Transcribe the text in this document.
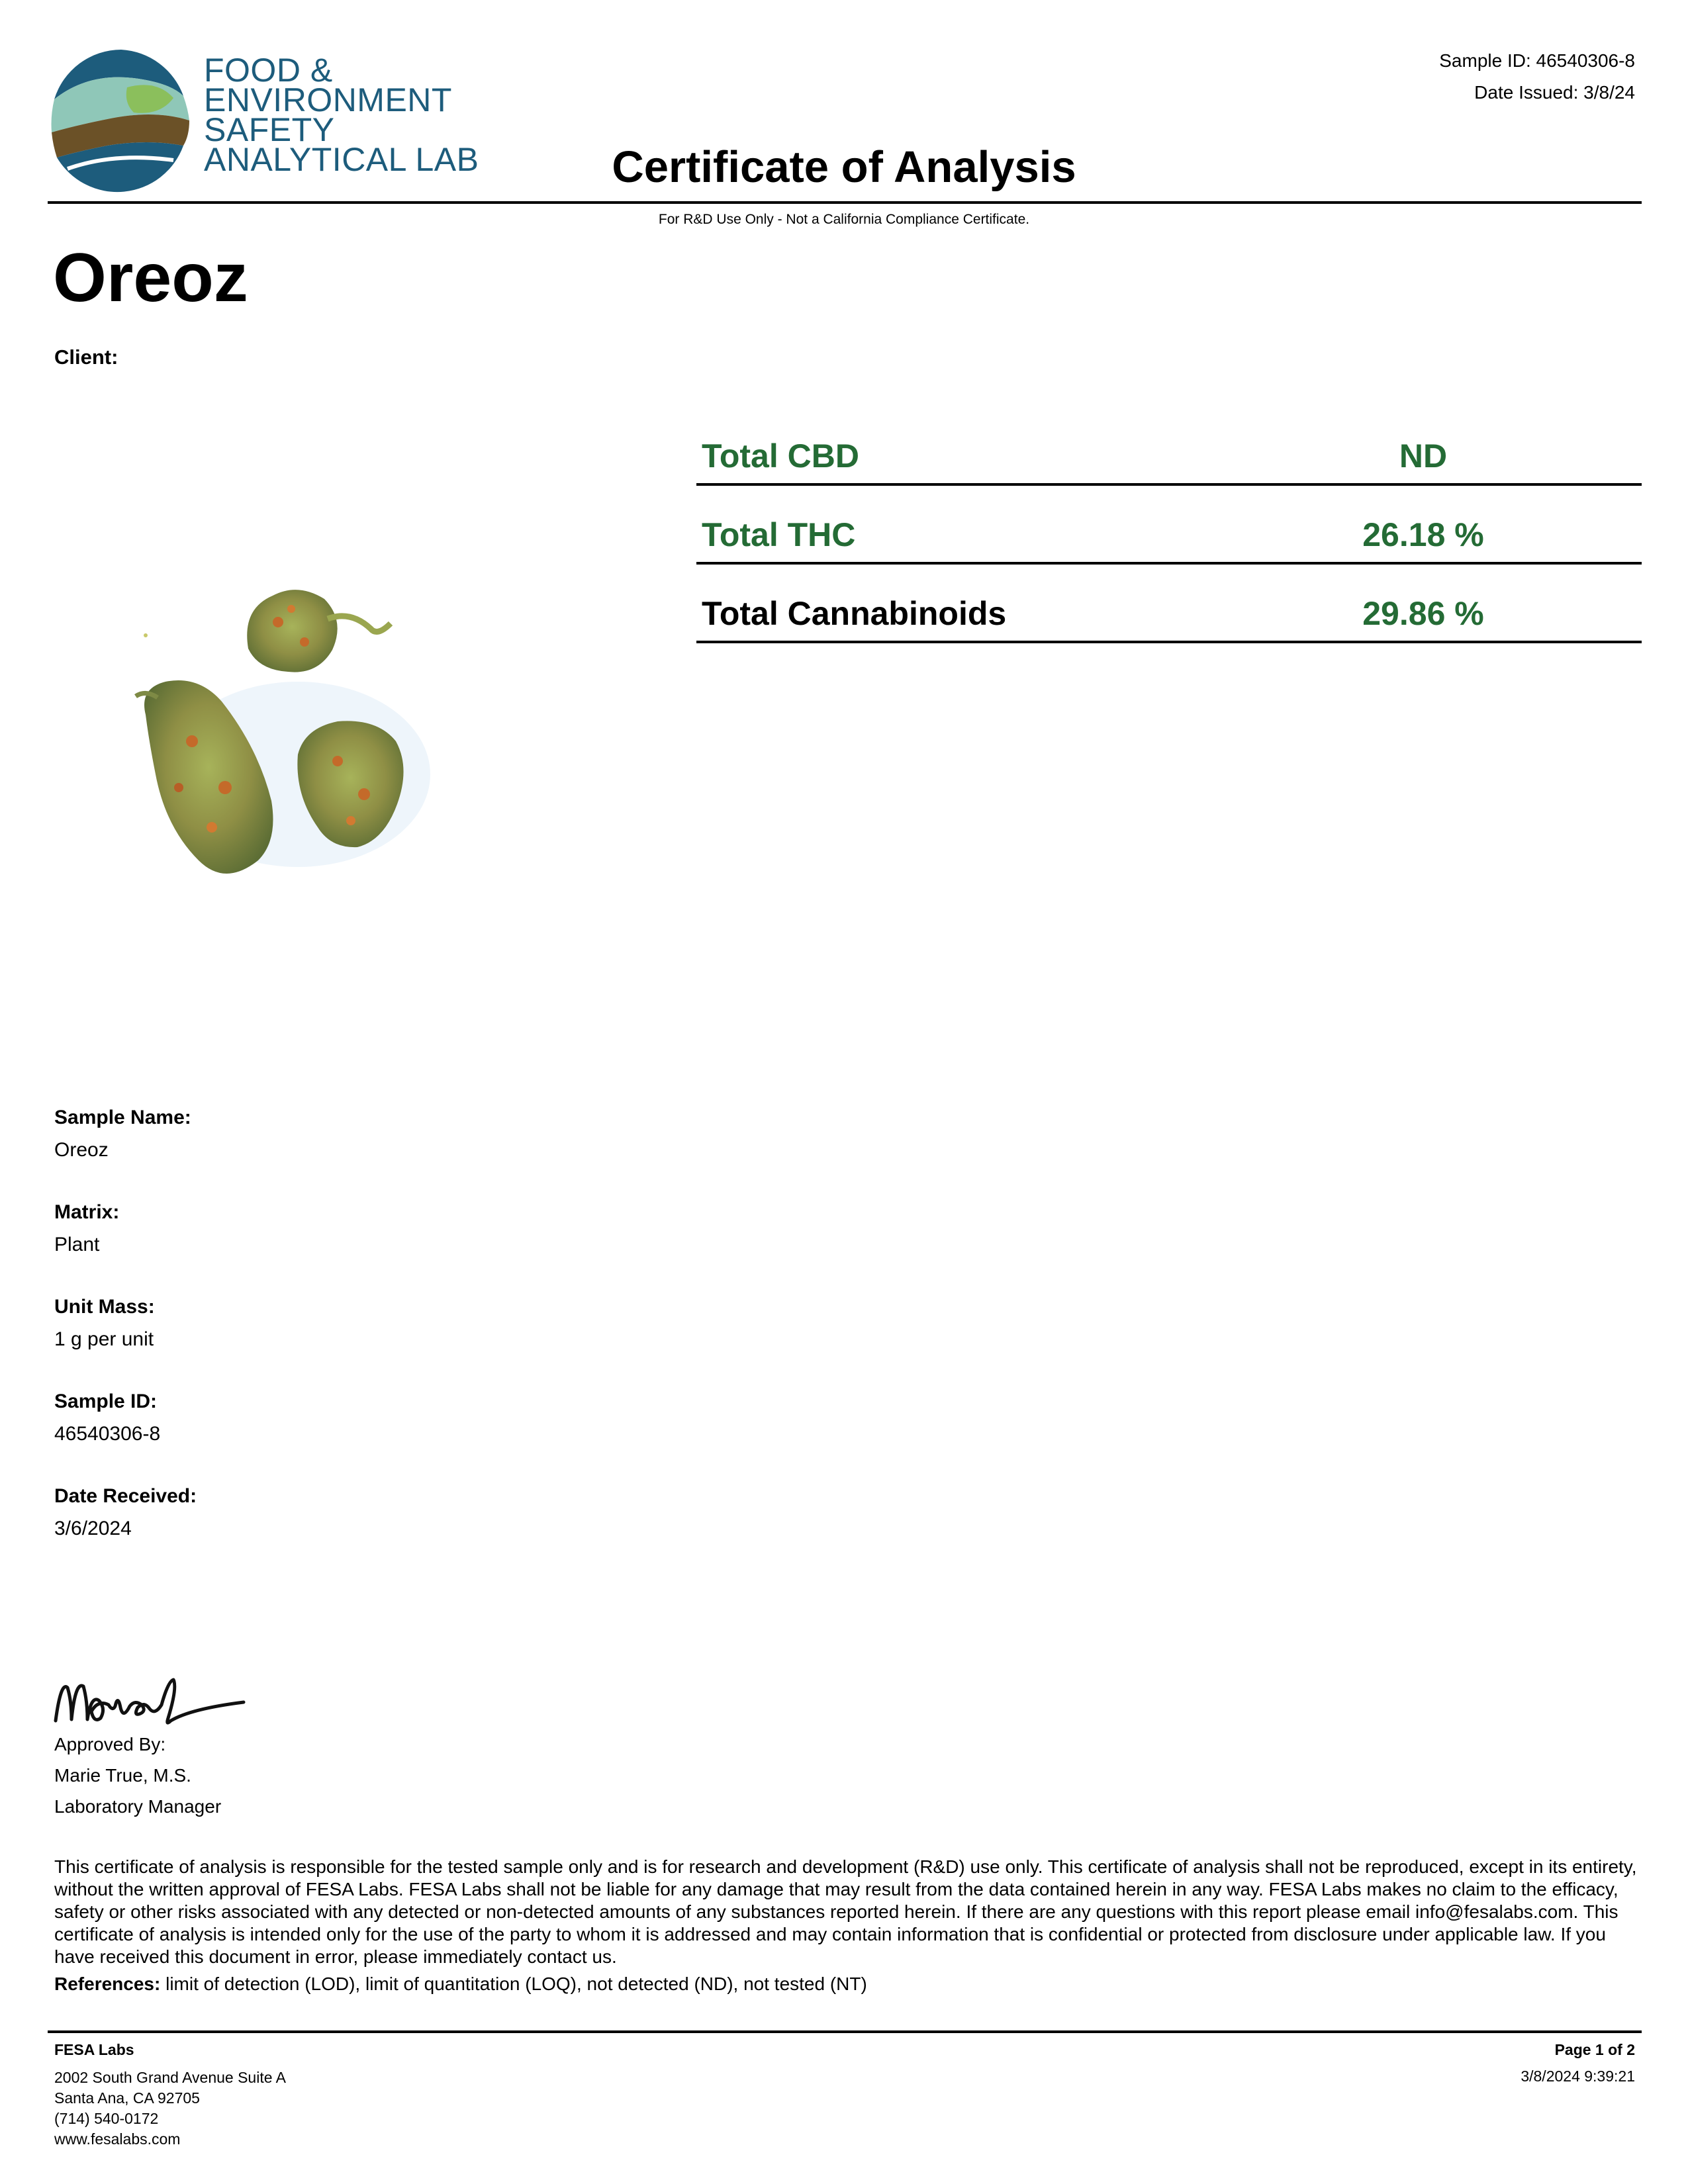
FOOD &
ENVIRONMENT
SAFETY
ANALYTICAL LAB
Sample ID: 46540306-8
Date Issued: 3/8/24
Certificate of Analysis
For R&D Use Only - Not a California Compliance Certificate.
Oreoz
Client:
Total CBD	ND
Total THC	26.18 %
Total Cannabinoids	29.86 %
Sample Name:
Oreoz
Matrix:
Plant
Unit Mass:
1 g per unit
Sample ID:
46540306-8
Date Received:
3/6/2024
Approved By:
Marie True, M.S.
Laboratory Manager
This certificate of analysis is responsible for the tested sample only and is for research and development (R&D) use only. This certificate of analysis shall not be reproduced, except in its entirety, without the written approval of FESA Labs. FESA Labs shall not be liable for any damage that may result from the data contained herein in any way. FESA Labs makes no claim to the efficacy, safety or other risks associated with any detected or non-detected amounts of any substances reported herein. If there are any questions with this report please email info@fesalabs.com. This certificate of analysis is intended only for the use of the party to whom it is addressed and may contain information that is confidential or protected from disclosure under applicable law. If you have received this document in error, please immediately contact us.
References: limit of detection (LOD), limit of quantitation (LOQ), not detected (ND), not tested (NT)
FESA Labs
2002 South Grand Avenue Suite A
Santa Ana, CA 92705
(714) 540-0172
www.fesalabs.com
Page 1 of 2
3/8/2024 9:39:21
